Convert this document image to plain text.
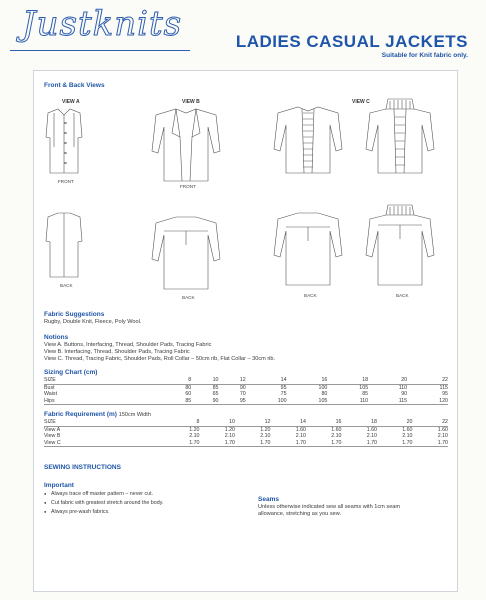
Justknits	LADIES CASUAL JACKETS
Suitable for Knit fabric only.
Front & Back Views
VIEW A	VIEW B	VIEW C
FRONT
FRONT
BACK
BACK	BACK	BACK
Fabric Suggestions
Rugby, Double Knit, Fleece, Poly Wool.
Notions
View A. Buttons, Interfacing, Thread, Shoulder Pads, Tracing Fabric
View B. Interfacing, Thread, Shoulder Pads, Tracing Fabric
View C. Thread, Tracing Fabric, Shoulder Pads, Roll Collar – 50cm rib, Flat Collar – 30cm rib.
Sizing Chart (cm)
SIZE	8	10	12	14	16	18	20	22
Bust	80	85	90	95	100	105	110	115
Waist	60	65	70	75	80	85	90	95
Hips	85	90	95	100	105	110	115	120
Fabric Requirement (m) 150cm Width
SIZE	8	10	12	14	16	18	20	22
View A	1.20	1.20	1.20	1.60	1.60	1.60	1.60	1.60
View B	2.10	2.10	2.10	2.10	2.10	2.10	2.10	2.10
View C	1.70	1.70	1.70	1.70	1.70	1.70	1.70	1.70
SEWING INSTRUCTIONS
Important
● Always trace off master pattern – never cut.
● Cut fabric with greatest stretch around the body.
● Always pre-wash fabrics.
Seams
Unless otherwise indicated sew all seams with 1cm seam
allowance, stretching as you sew.
